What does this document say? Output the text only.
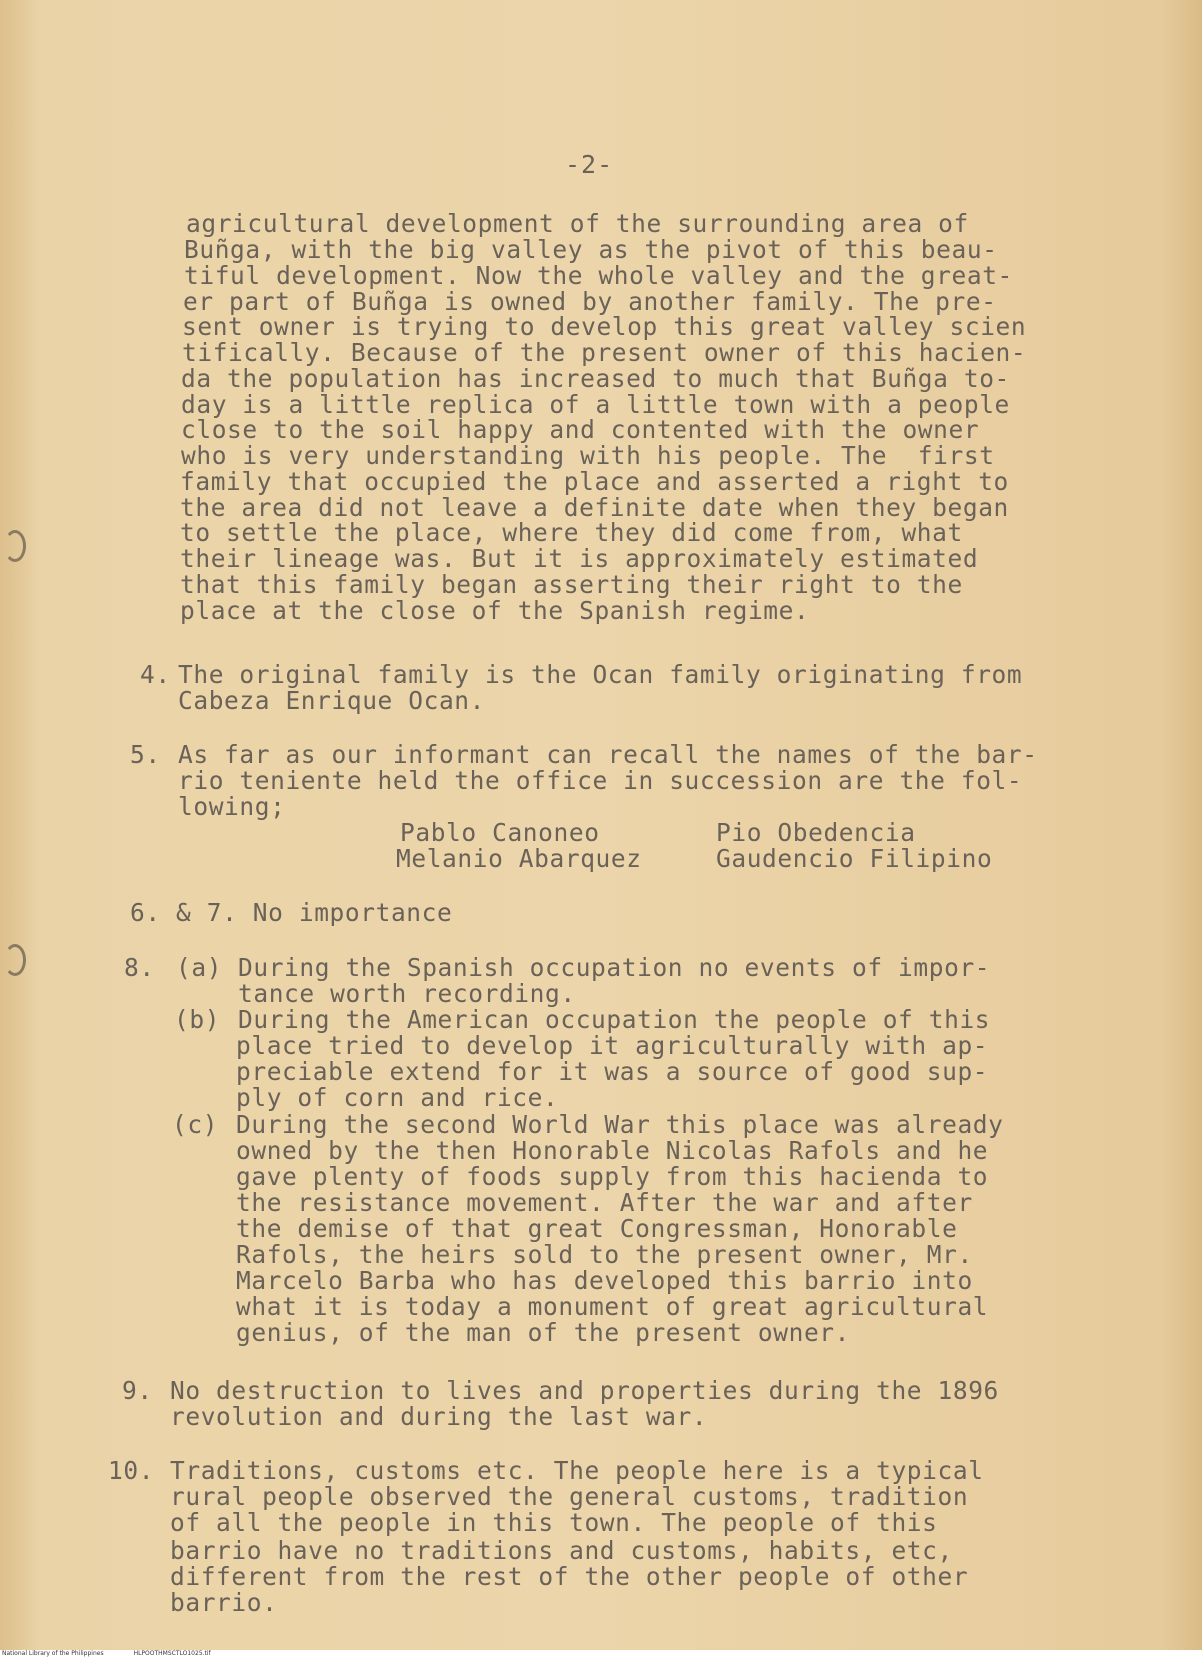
-2-
agricultural development of the surrounding area of
Buñga, with the big valley as the pivot of this beau-
tiful development. Now the whole valley and the great-
er part of Buñga is owned by another family. The pre-
sent owner is trying to develop this great valley scien
tifically. Because of the present owner of this hacien-
da the population has increased to much that Buñga to-
day is a little replica of a little town with a people
close to the soil happy and contented with the owner
who is very understanding with his people. The  first
family that occupied the place and asserted a right to
the area did not leave a definite date when they began
to settle the place, where they did come from, what
their lineage was. But it is approximately estimated
that this family began asserting their right to the
place at the close of the Spanish regime.
4. The original family is the Ocan family originating from
Cabeza Enrique Ocan.
5. As far as our informant can recall the names of the bar-
rio teniente held the office in succession are the fol-
lowing;
Pablo Canoneo	Pio Obedencia
Melanio Abarquez	Gaudencio Filipino
6. & 7. No importance
8. (a) During the Spanish occupation no events of impor-
tance worth recording.
(b) During the American occupation the people of this
place tried to develop it agriculturally with ap-
preciable extend for it was a source of good sup-
ply of corn and rice.
(c) During the second World War this place was already
owned by the then Honorable Nicolas Rafols and he
gave plenty of foods supply from this hacienda to
the resistance movement. After the war and after
the demise of that great Congressman, Honorable
Rafols, the heirs sold to the present owner, Mr.
Marcelo Barba who has developed this barrio into
what it is today a monument of great agricultural
genius, of the man of the present owner.
9. No destruction to lives and properties during the 1896
revolution and during the last war.
10. Traditions, customs etc. The people here is a typical
rural people observed the general customs, tradition
of all the people in this town. The people of this
barrio have no traditions and customs, habits, etc,
different from the rest of the other people of other
barrio.
National Library of the Philippines	HLPOOTHMSCTLO1025.tif
